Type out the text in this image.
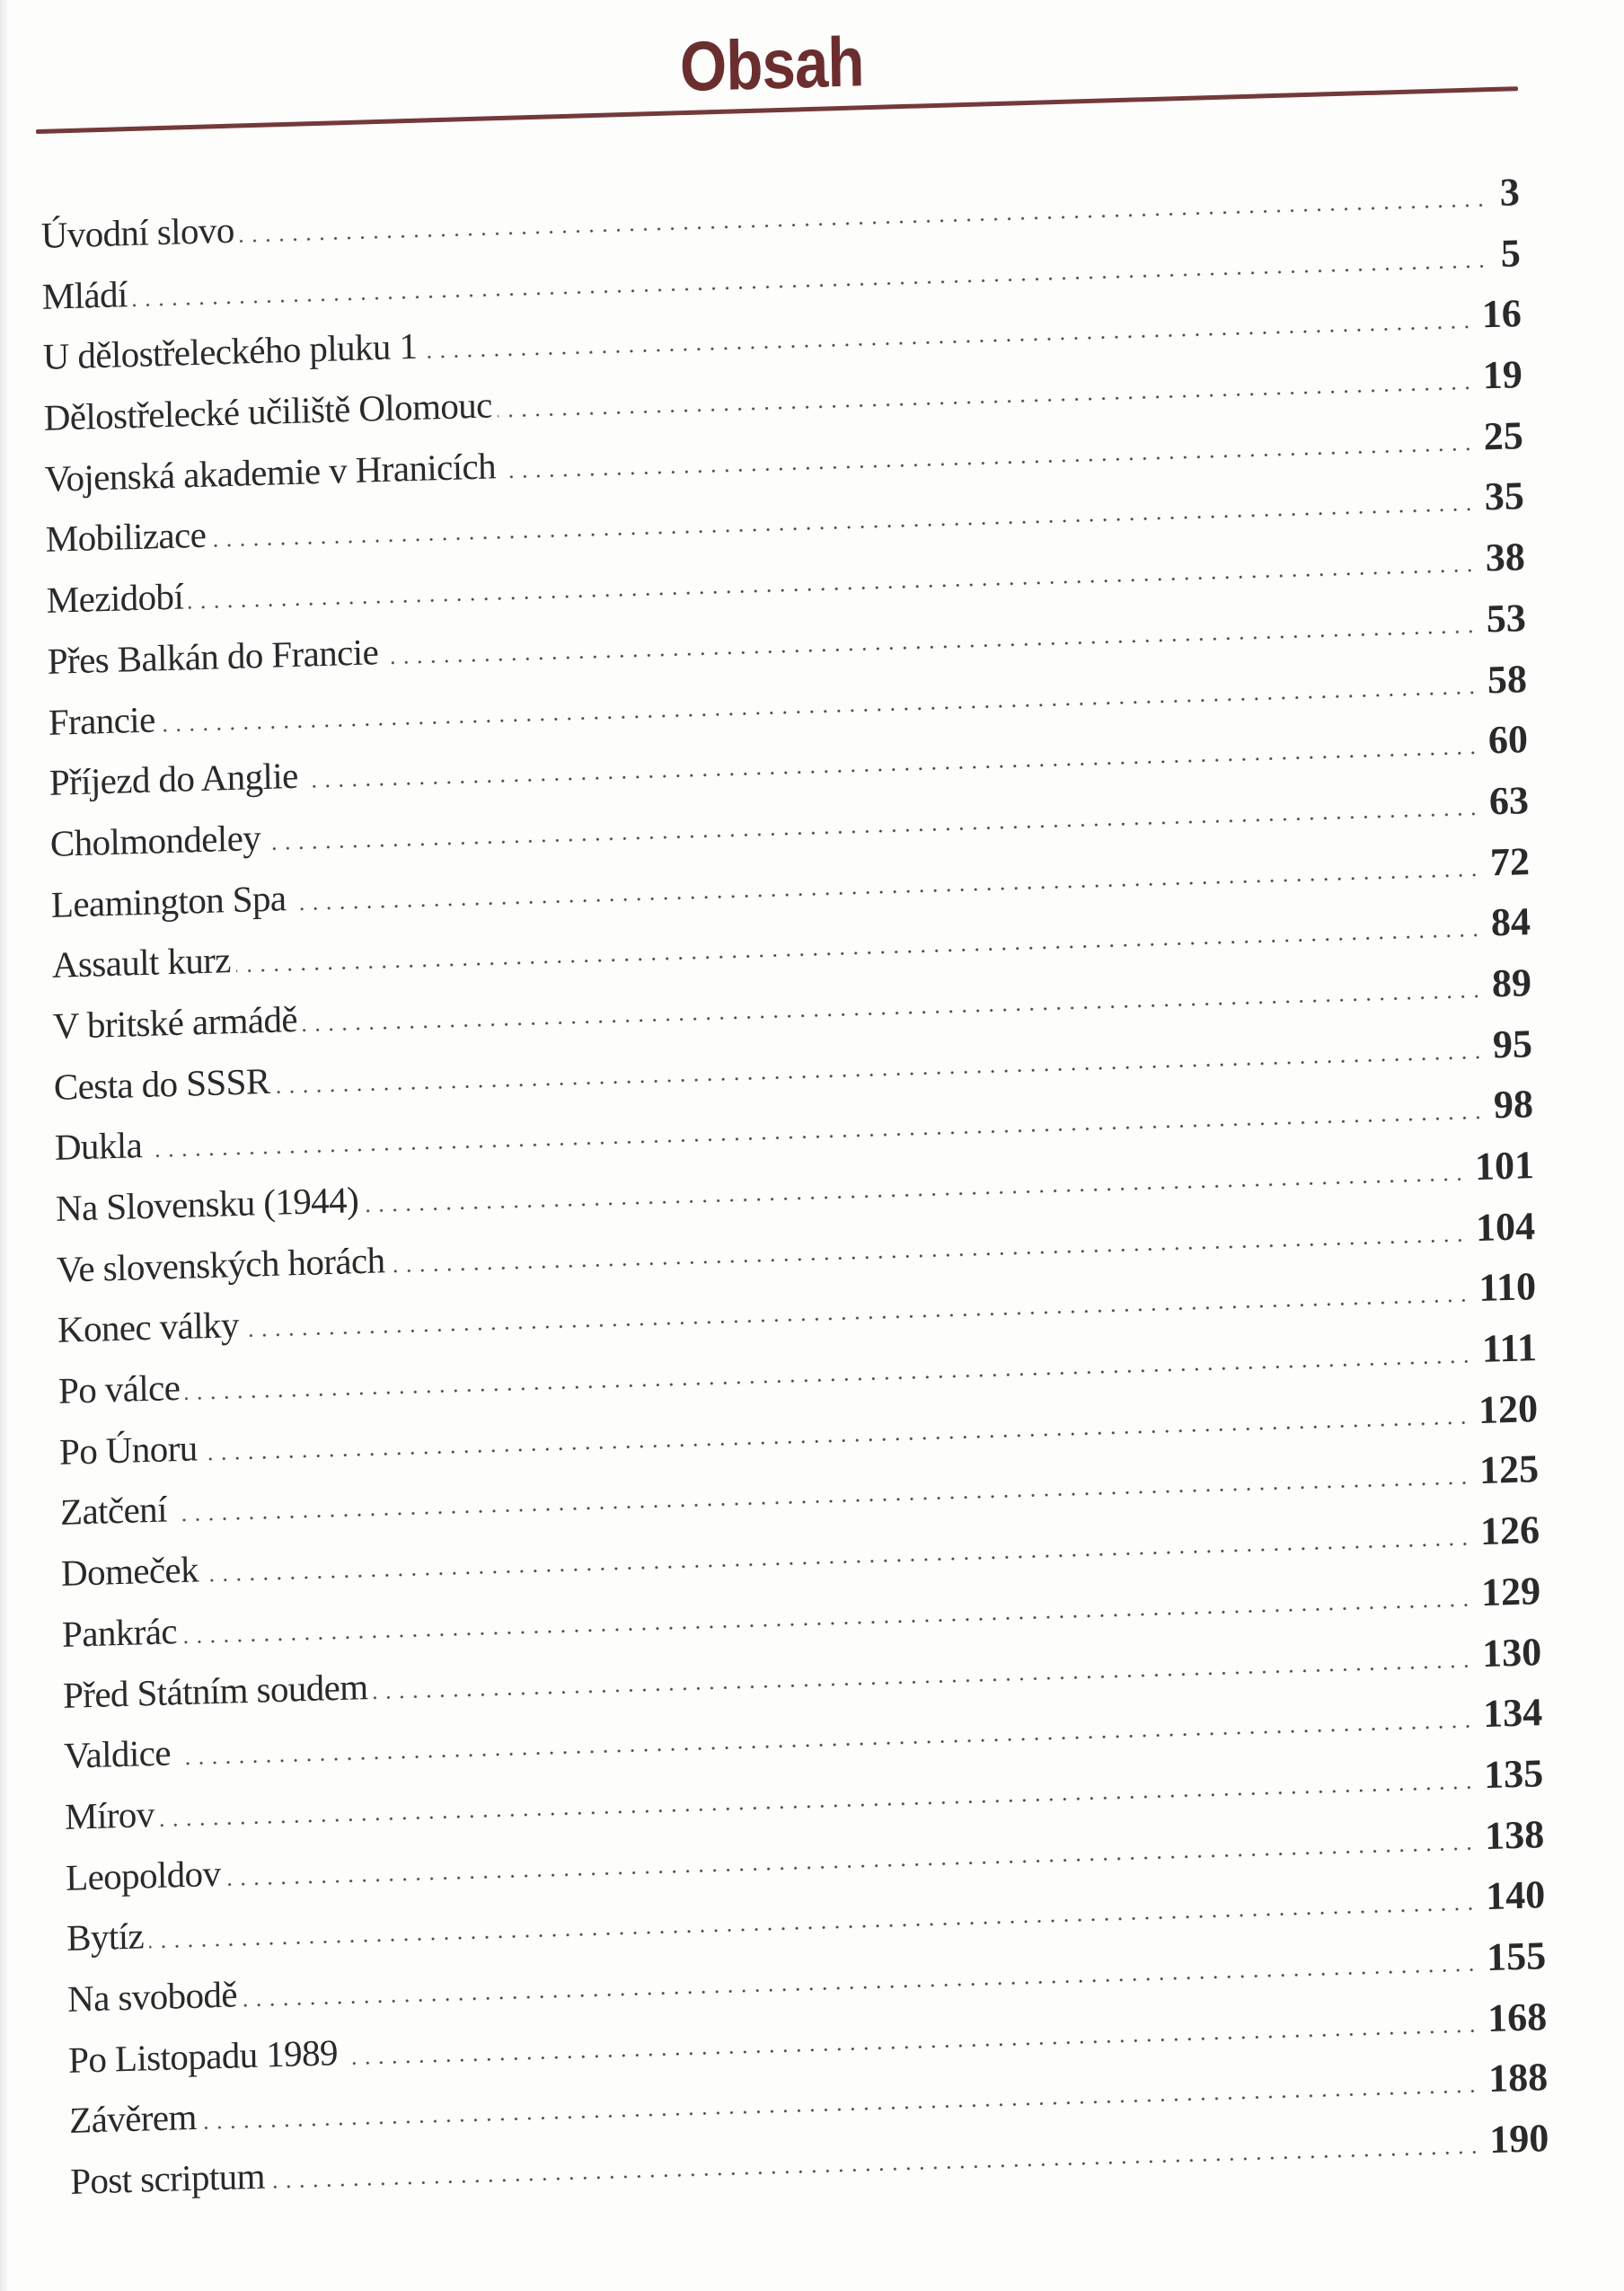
Obsah
Úvodní slovo
3
Mládí
5
U dělostřeleckého pluku 1
16
Dělostřelecké učiliště Olomouc
19
Vojenská akademie v Hranicích
25
Mobilizace
35
Mezidobí
38
Přes Balkán do Francie
53
Francie
58
Příjezd do Anglie
60
Cholmondeley
63
Leamington Spa
72
Assault kurz
84
V britské armádě
89
Cesta do SSSR
95
Dukla
98
Na Slovensku (1944)
101
Ve slovenských horách
104
Konec války
110
Po válce
111
Po Únoru
120
Zatčení
125
Domeček
126
Pankrác
129
Před Státním soudem
130
Valdice
134
Mírov
135
Leopoldov
138
Bytíz
140
Na svobodě
155
Po Listopadu 1989
168
Závěrem
188
Post scriptum
190
